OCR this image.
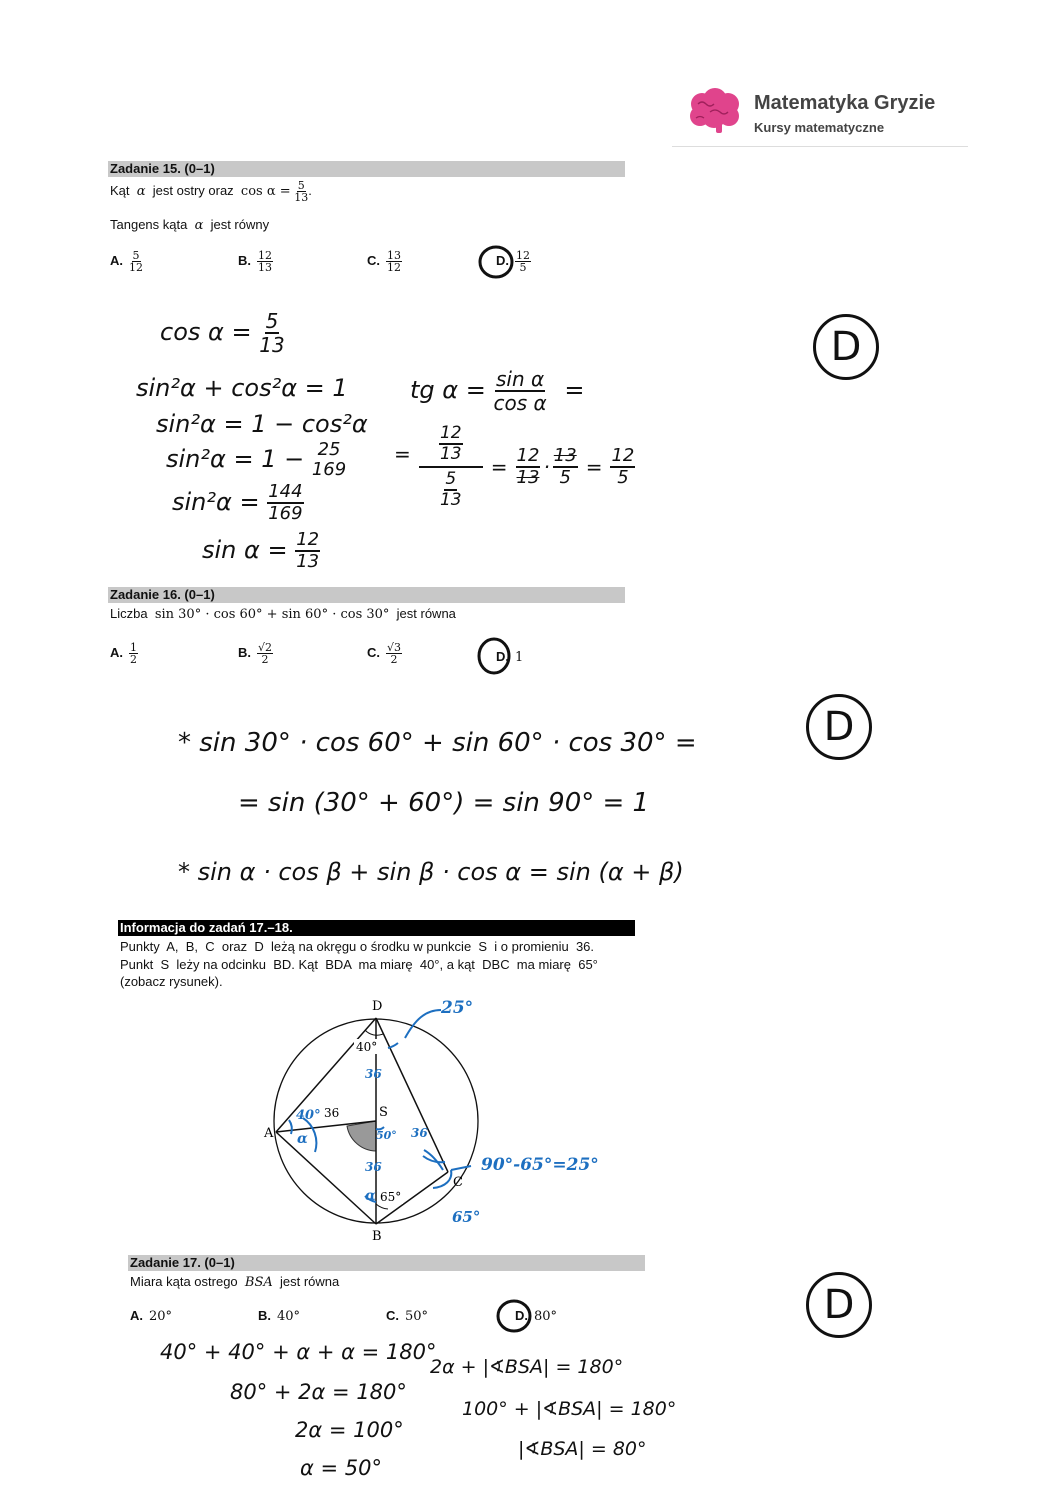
Matematyka Gryzie
Kursy matematyczne
Zadanie 15. (0–1)
Kąt α jest ostry oraz $\cos \alpha = \frac{5}{13}$ .
Tangens kąta α jest równy
A. $\frac{5}{12}$	B. $\frac{12}{13}$	C. $\frac{13}{12}$	D. $\frac{12}{5}$
$\cos \alpha = \frac{5}{13}$
sin²α + cos²α = 1
sin²α = 1 − cos²α
sin²α = 1 − 25
169
$\sin^2\alpha = \frac{144}{169}$
$\sin \alpha = \frac{12}{13}$
tg $\alpha = \frac{\text{sin α}}{\text{cos α}}$ =
= $\frac{12}{13}$
$\frac{5}{13}$
= $\frac{12}{13} \cdot \frac{13}{5} = \frac{12}{5}$
D
Zadanie 16. (0–1)
Liczba sin 30° · cos 60° + sin 60° · cos 30° jest równa
A. $\frac{1}{2}$	B. $\frac{√2}{2}$	C. $\frac{√3}{2}$	D. 1
* sin 30° · cos 60° + sin 60° · cos 30° =
= sin (30° + 60°) = sin 90° = 1
* sin α · cos β + sin β · cos α = sin (α + β)
D
Informacja do zadań 17.–18.
Punkty  A,  B,  C  oraz  D  leżą na okręgu o środku w punkcie  S  i o promieniu  36.
Punkt  S  leży na odcinku  BD. Kąt  BDA  ma miarę  40°, a kąt  DBC  ma miarę  65°
(zobacz rysunek).
D
A
S
C
B
40°
65°
36
25°
36
36
36
40°
α
α
50°
90°-65°=25°
65°
Zadanie 17. (0–1)
Miara kąta ostrego BSA jest równa
A. 20°	B. 40°	C. 50°	D. 80°
40° + 40° + α + α = 180°
80° + 2α = 180°
2α = 100°
α = 50°
2α + |∢BSA| = 180°
100° + |∢BSA| = 180°
|∢BSA| = 80°
D
